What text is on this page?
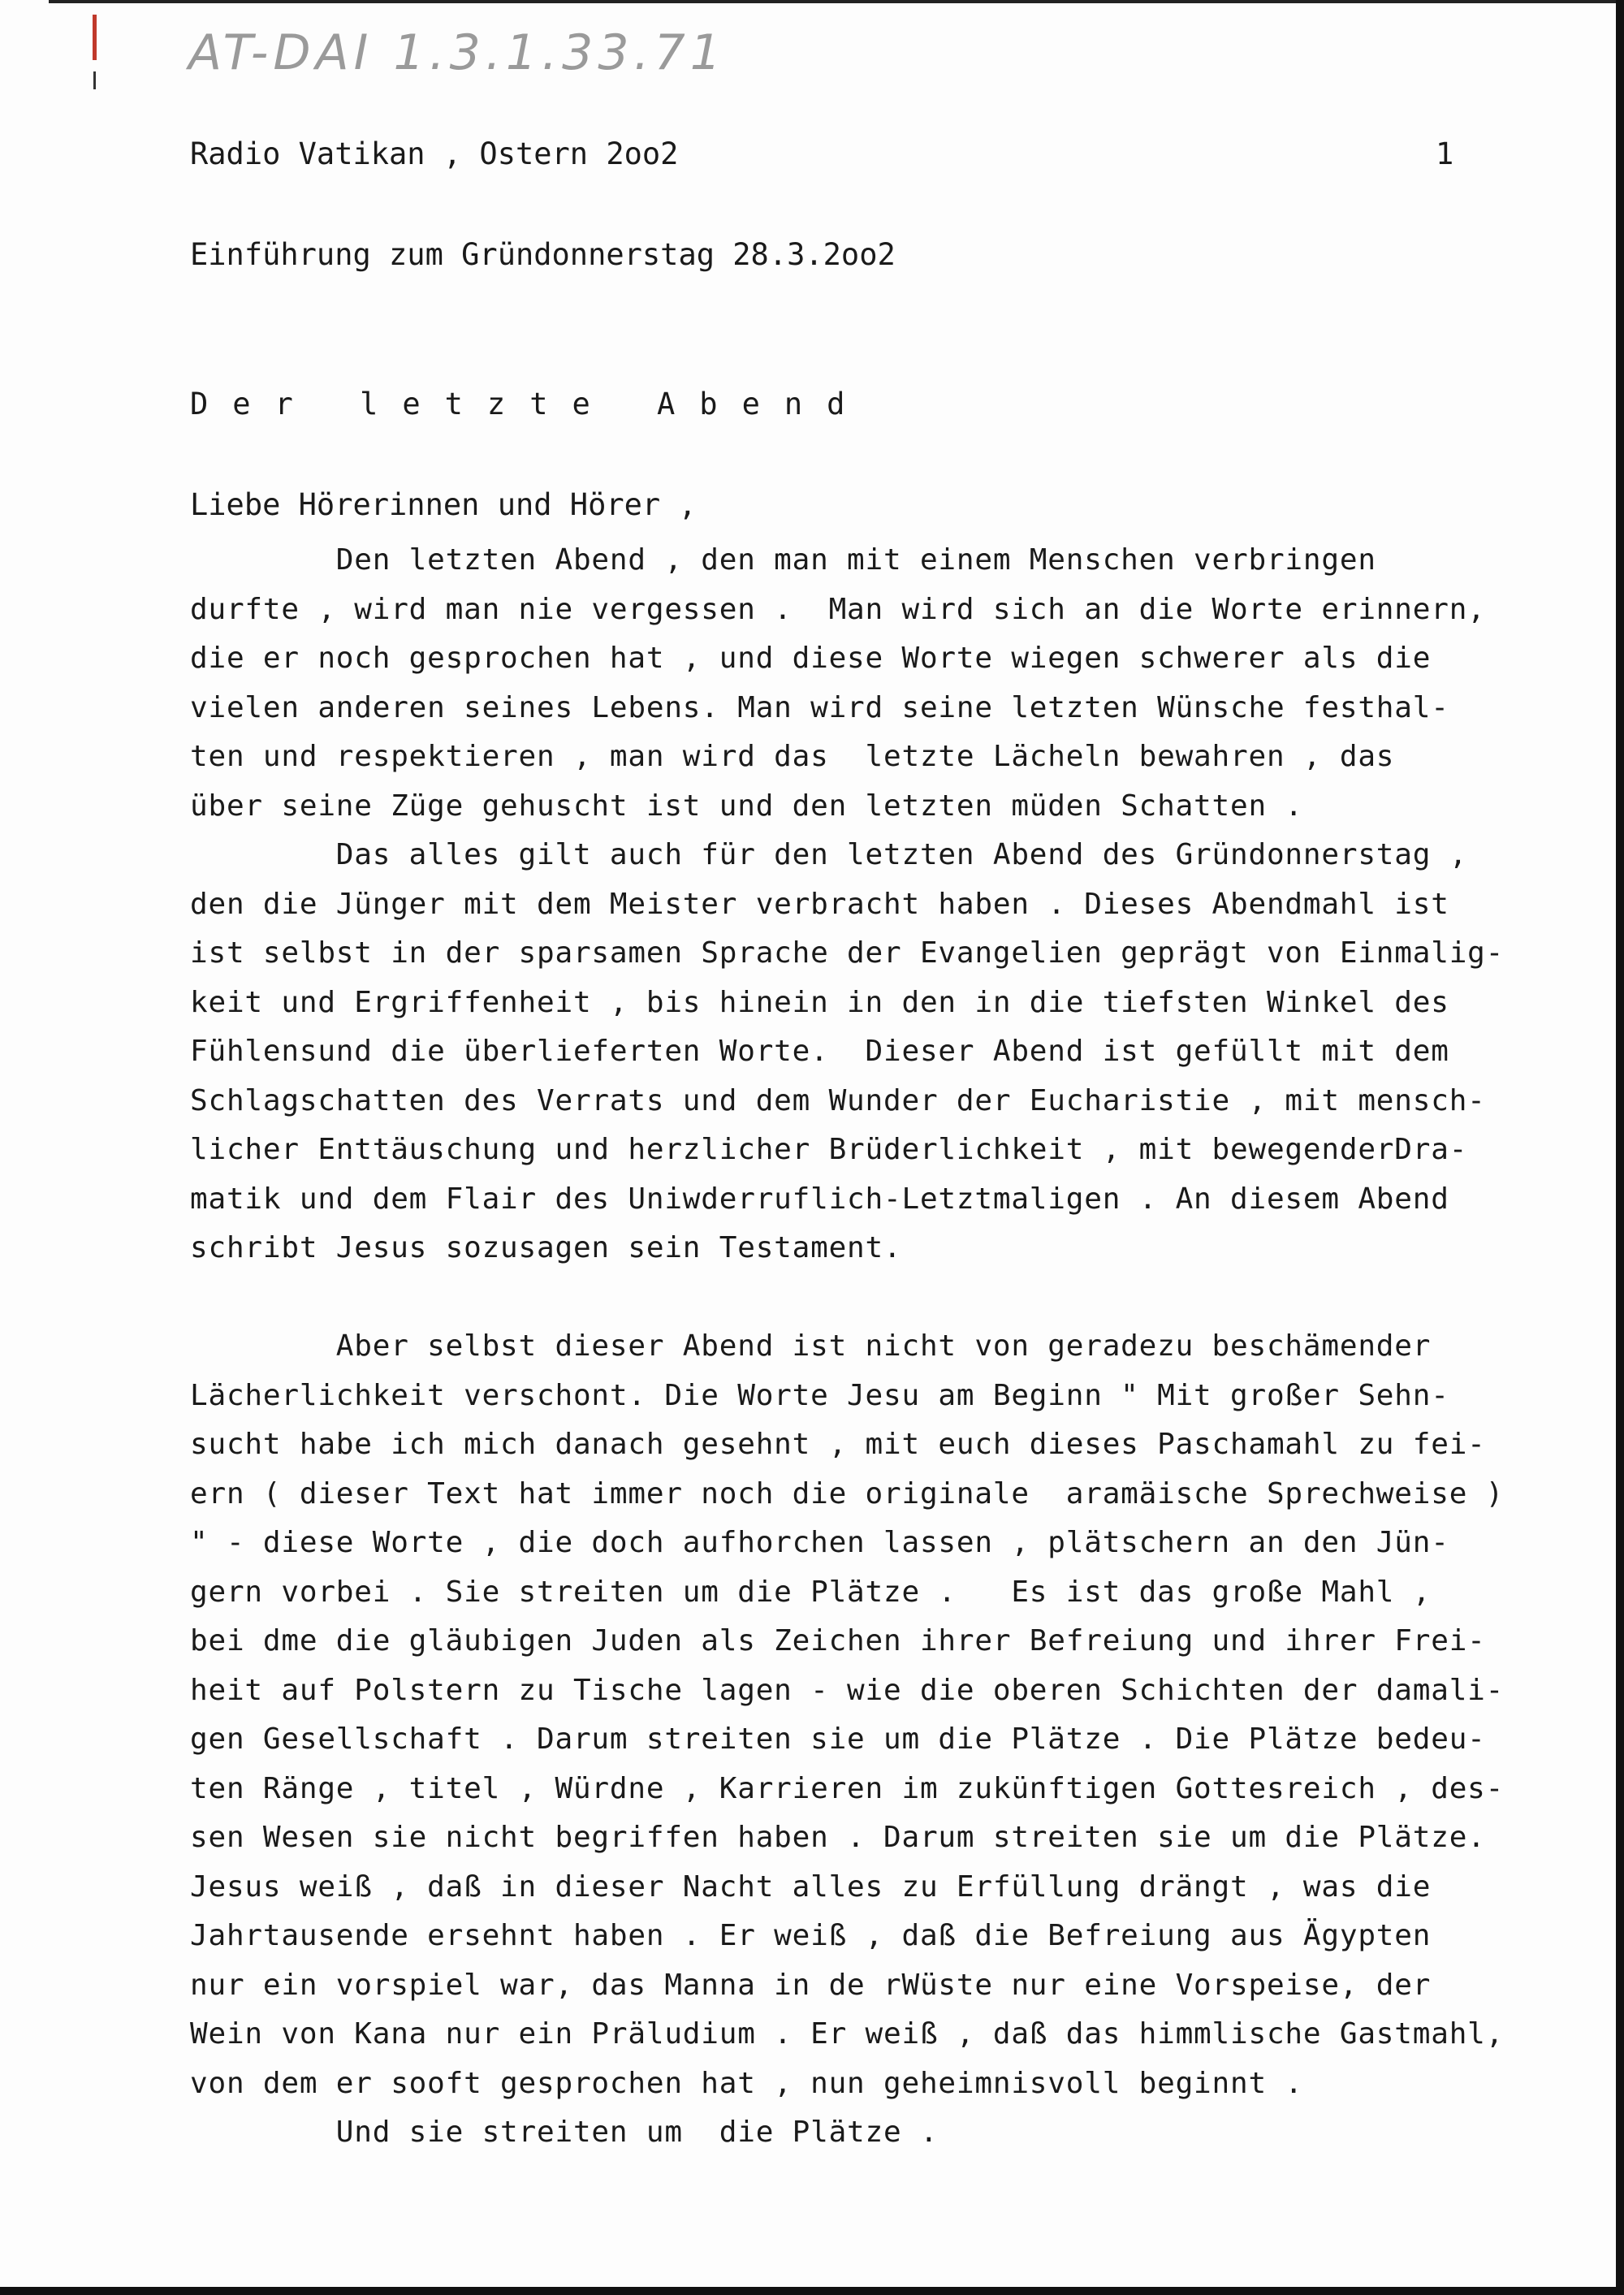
AT-DAI 1.3.1.33.71
Radio Vatikan , Ostern 2oo2	1
Einführung zum Gründonnerstag 28.3.2oo2
Der letzte Abend
Liebe Hörerinnen und Hörer ,
Den letzten Abend , den man mit einem Menschen verbringen
durfte , wird man nie vergessen .  Man wird sich an die Worte erinnern,
die er noch gesprochen hat , und diese Worte wiegen schwerer als die
vielen anderen seines Lebens. Man wird seine letzten Wünsche festhal-
ten und respektieren , man wird das  letzte Lächeln bewahren , das
über seine Züge gehuscht ist und den letzten müden Schatten .
Das alles gilt auch für den letzten Abend des Gründonnerstag ,
den die Jünger mit dem Meister verbracht haben . Dieses Abendmahl ist
ist selbst in der sparsamen Sprache der Evangelien geprägt von Einmalig-
keit und Ergriffenheit , bis hinein in den in die tiefsten Winkel des
Fühlensund die überlieferten Worte.  Dieser Abend ist gefüllt mit dem
Schlagschatten des Verrats und dem Wunder der Eucharistie , mit mensch-
licher Enttäuschung und herzlicher Brüderlichkeit , mit bewegenderDra-
matik und dem Flair des Uniwderruflich-Letztmaligen . An diesem Abend
schribt Jesus sozusagen sein Testament.
Aber selbst dieser Abend ist nicht von geradezu beschämender
Lächerlichkeit verschont. Die Worte Jesu am Beginn " Mit großer Sehn-
sucht habe ich mich danach gesehnt , mit euch dieses Paschamahl zu fei-
ern ( dieser Text hat immer noch die originale  aramäische Sprechweise )
" - diese Worte , die doch aufhorchen lassen , plätschern an den Jün-
gern vorbei . Sie streiten um die Plätze .   Es ist das große Mahl ,
bei dme die gläubigen Juden als Zeichen ihrer Befreiung und ihrer Frei-
heit auf Polstern zu Tische lagen - wie die oberen Schichten der damali-
gen Gesellschaft . Darum streiten sie um die Plätze . Die Plätze bedeu-
ten Ränge , titel , Würdne , Karrieren im zukünftigen Gottesreich , des-
sen Wesen sie nicht begriffen haben . Darum streiten sie um die Plätze.
Jesus weiß , daß in dieser Nacht alles zu Erfüllung drängt , was die
Jahrtausende ersehnt haben . Er weiß , daß die Befreiung aus Ägypten
nur ein vorspiel war, das Manna in de rWüste nur eine Vorspeise, der
Wein von Kana nur ein Präludium . Er weiß , daß das himmlische Gastmahl,
von dem er sooft gesprochen hat , nun geheimnisvoll beginnt .
Und sie streiten um  die Plätze .
